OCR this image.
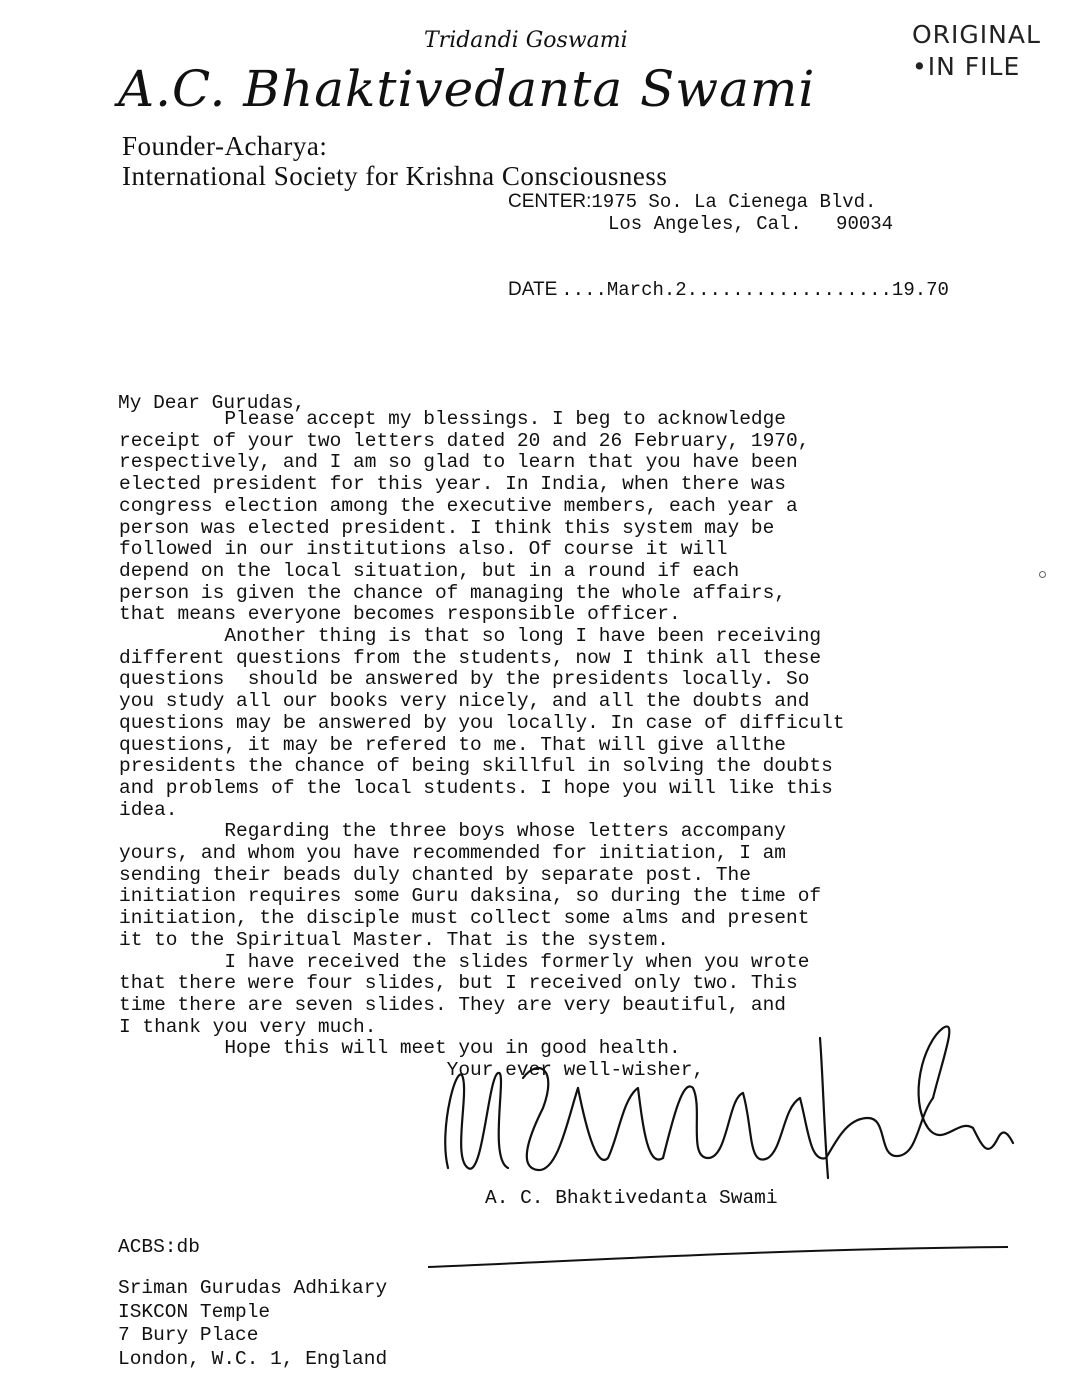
Tridandi Goswami
A.C. Bhaktivedanta Swami
ORIGINAL
•IN FILE
Founder-Acharya:
International Society for Krishna Consciousness
CENTER:1975 So. La Cienega Blvd.
Los Angeles, Cal.   90034
DATE ....March.2..................19.70
My Dear Gurudas,
Please accept my blessings. I beg to acknowledge
receipt of your two letters dated 20 and 26 February, 1970,
respectively, and I am so glad to learn that you have been
elected president for this year. In India, when there was
congress election among the executive members, each year a
person was elected president. I think this system may be
followed in our institutions also. Of course it will
depend on the local situation, but in a round if each
person is given the chance of managing the whole affairs,
that means everyone becomes responsible officer.
Another thing is that so long I have been receiving
different questions from the students, now I think all these
questions  should be answered by the presidents locally. So
you study all our books very nicely, and all the doubts and
questions may be answered by you locally. In case of difficult
questions, it may be refered to me. That will give allthe
presidents the chance of being skillful in solving the doubts
and problems of the local students. I hope you will like this
idea.
Regarding the three boys whose letters accompany
yours, and whom you have recommended for initiation, I am
sending their beads duly chanted by separate post. The
initiation requires some Guru daksina, so during the time of
initiation, the disciple must collect some alms and present
it to the Spiritual Master. That is the system.
I have received the slides formerly when you wrote
that there were four slides, but I received only two. This
time there are seven slides. They are very beautiful, and
I thank you very much.
Hope this will meet you in good health.
Your ever well-wisher,
A. C. Bhaktivedanta Swami
ACBS:db
Sriman Gurudas Adhikary
ISKCON Temple
7 Bury Place
London, W.C. 1, England
